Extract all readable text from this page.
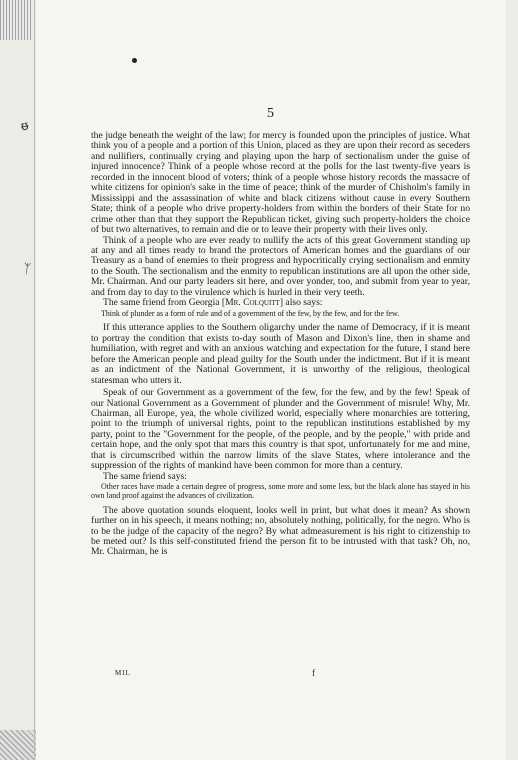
5
ᵿ
ᛉ

the judge beneath the weight of the law; for mercy is founded upon the principles of justice. What think you of a people and a portion of this Union, placed as they are upon their record as seceders and nullifiers, continually crying and playing upon the harp of sectionalism under the guise of injured innocence? Think of a people whose record at the polls for the last twenty-five years is recorded in the innocent blood of voters; think of a people whose history records the massacre of white citizens for opinion's sake in the time of peace; think of the murder of Chisholm's family in Mississippi and the assassination of white and black citizens without cause in every Southern State; think of a people who drive property-holders from within the borders of their State for no crime other than that they support the Republican ticket, giving such property-holders the choice of but two alternatives, to remain and die or to leave their property with their lives only.

Think of a people who are ever ready to nullify the acts of this great Government standing up at any and all times ready to brand the protectors of American homes and the guardians of our Treasury as a band of enemies to their progress and hypocritically crying sectionalism and enmity to the South. The sectionalism and the enmity to republican institutions are all upon the other side, Mr. Chairman. And our party leaders sit here, and over yonder, too, and submit from year to year, and from day to day to the virulence which is hurled in their very teeth.

The same friend from Georgia [Mr. Colquitt] also says:

Think of plunder as a form of rule and of a government of the few, by the few, and for the few.

If this utterance applies to the Southern oligarchy under the name of Democracy, if it is meant to portray the condition that exists to-day south of Mason and Dixon's line, then in shame and humiliation, with regret and with an anxious watching and expectation for the future, I stand here before the American people and plead guilty for the South under the indictment. But if it is meant as an indictment of the National Government, it is unworthy of the religious, theological statesman who utters it.

Speak of our Government as a government of the few, for the few, and by the few! Speak of our National Government as a Government of plunder and the Government of misrule! Why, Mr. Chairman, all Europe, yea, the whole civilized world, especially where monarchies are tottering, point to the triumph of universal rights, point to the republican institutions established by my party, point to the "Government for the people, of the people, and by the people," with pride and certain hope, and the only spot that mars this country is that spot, unfortunately for me and mine, that is circumscribed within the narrow limits of the slave States, where intolerance and the suppression of the rights of mankind have been common for more than a century.

The same friend says:

Other races have made a certain degree of progress, some more and some less, but the black alone has stayed in his own land proof against the advances of civilization.

The above quotation sounds eloquent, looks well in print, but what does it mean? As shown further on in his speech, it means nothing; no, absolutely nothing, politically, for the negro. Who is to be the judge of the capacity of the negro? By what admeasurement is his right to citizenship to be meted out? Is this self-constituted friend the person fit to be intrusted with that task? Oh, no, Mr. Chairman, he is

MIL	f
